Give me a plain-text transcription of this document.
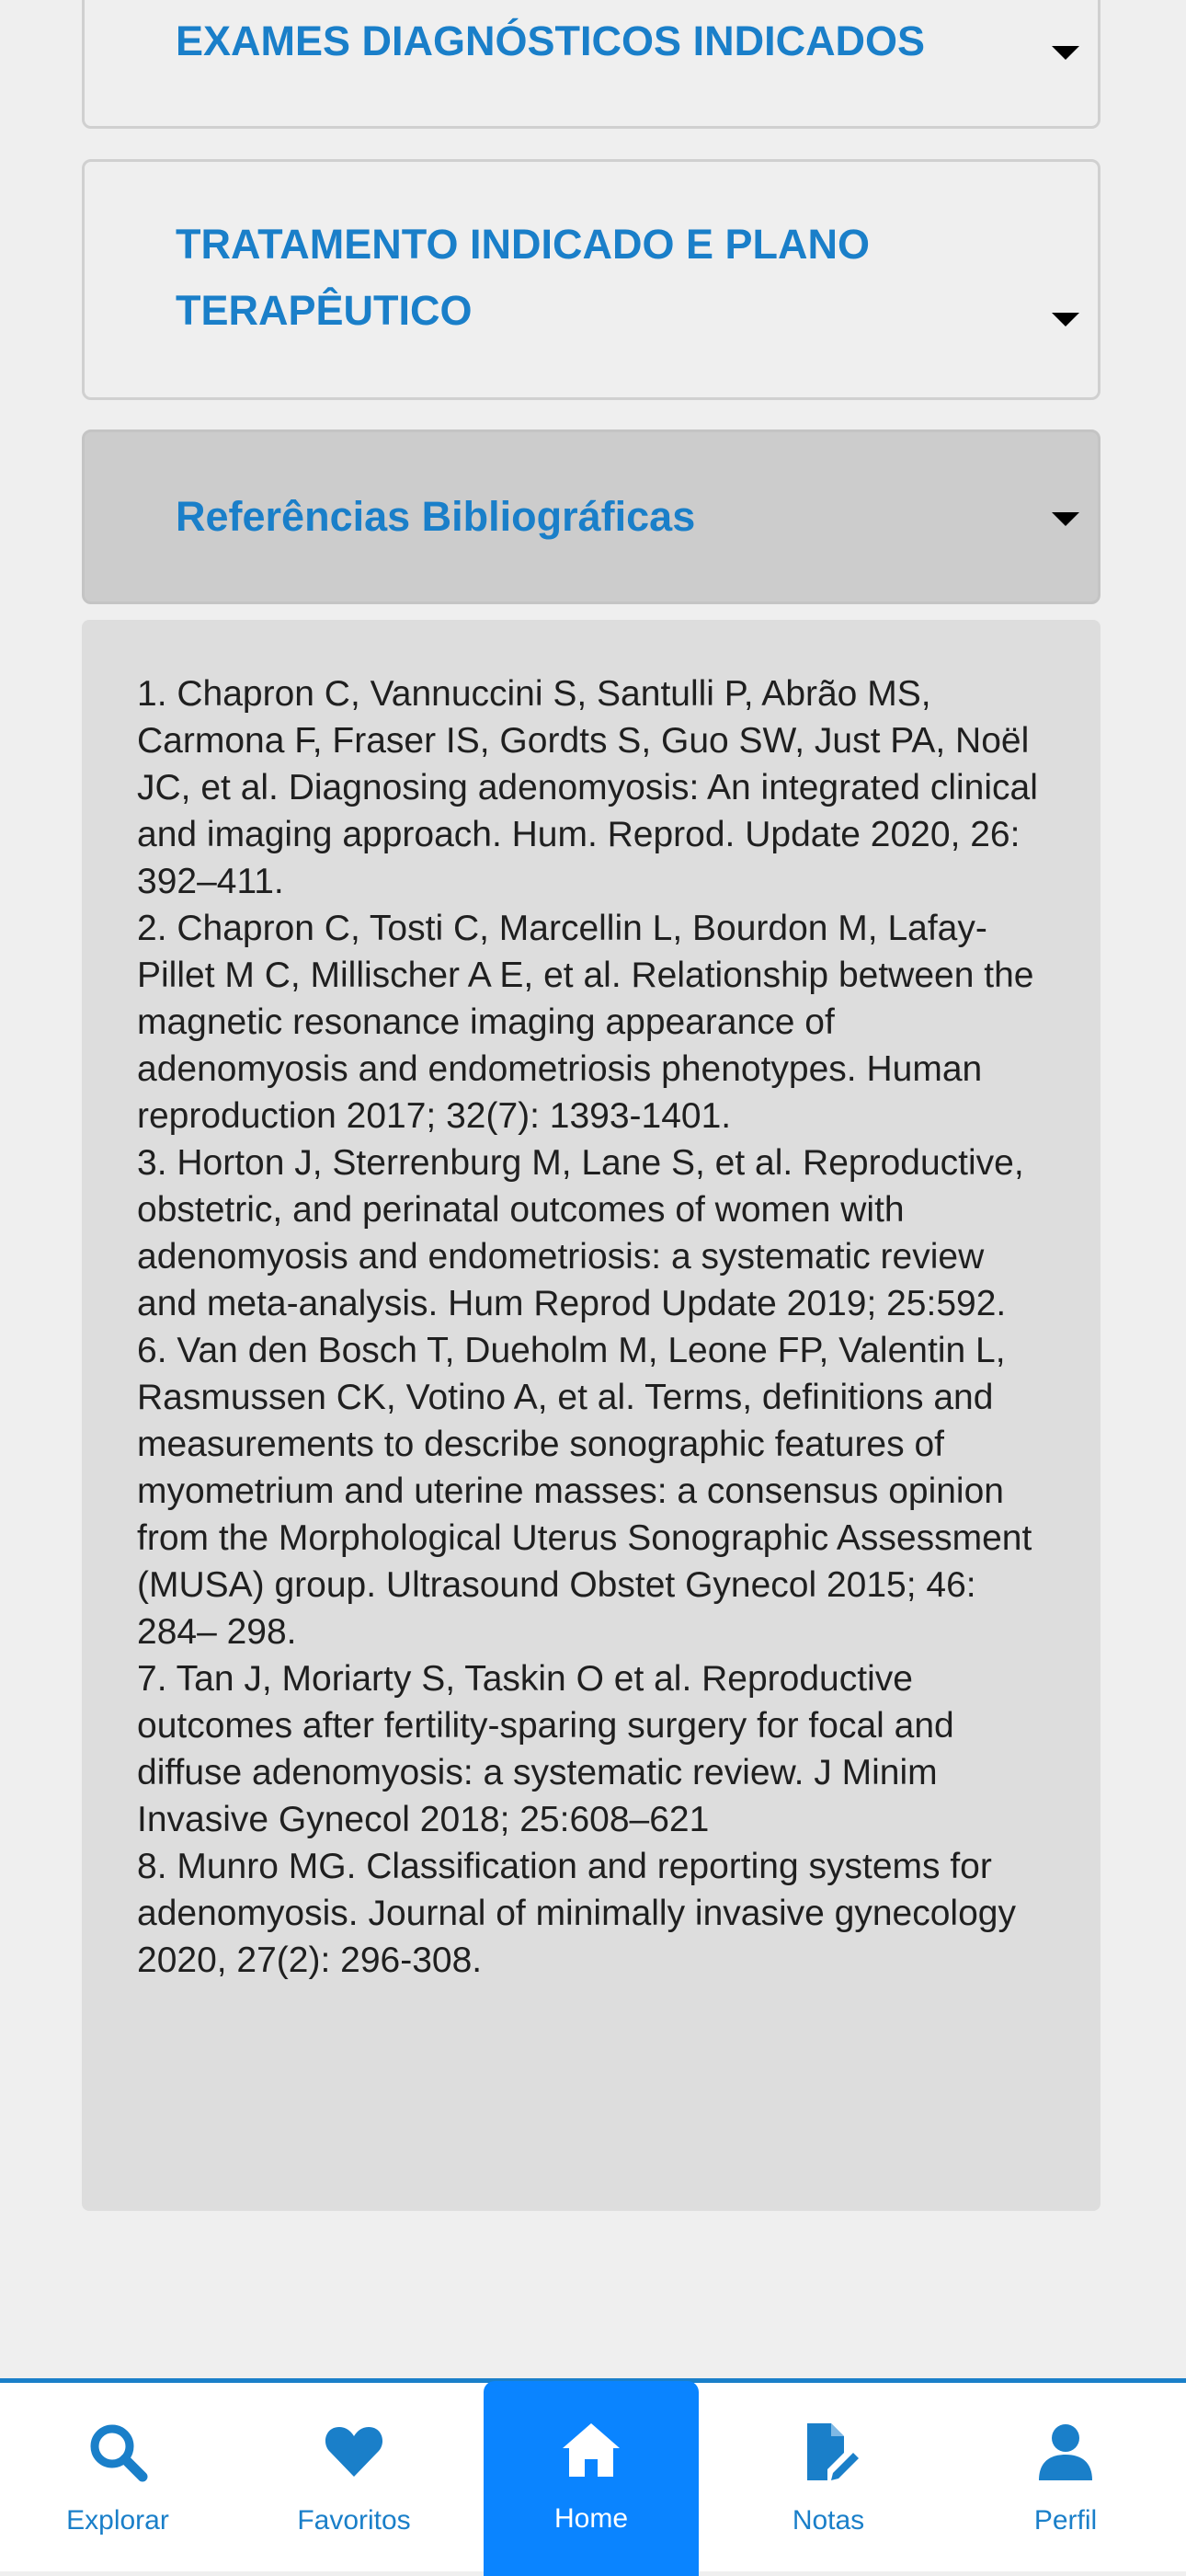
EXAMES DIAGNÓSTICOS INDICADOS
TRATAMENTO INDICADO E PLANO
TERAPÊUTICO
Referências Bibliográficas

1. Chapron C, Vannuccini S, Santulli P, Abrão MS, Carmona F, Fraser IS, Gordts S, Guo SW, Just PA, Noël JC, et al. Diagnosing adenomyosis: An integrated clinical and imaging approach. Hum. Reprod. Update 2020, 26: 392–411.

2. Chapron C, Tosti C, Marcellin L, Bourdon M, Lafay-Pillet M C, Millischer A E, et al. Relationship between the magnetic resonance imaging appearance of adenomyosis and endometriosis phenotypes. Human reproduction 2017; 32(7): 1393-1401.

3. Horton J, Sterrenburg M, Lane S, et al. Reproductive, obstetric, and perinatal outcomes of women with adenomyosis and endometriosis: a systematic review and meta-analysis. Hum Reprod Update 2019; 25:592.

6. Van den Bosch T, Dueholm M, Leone FP, Valentin L, Rasmussen CK, Votino A, et al. Terms, definitions and measurements to describe sonographic features of myometrium and uterine masses: a consensus opinion from the Morphological Uterus Sonographic Assessment (MUSA) group. Ultrasound Obstet Gynecol 2015; 46: 284– 298.

7. Tan J, Moriarty S, Taskin O et al. Reproductive outcomes after fertility-sparing surgery for focal and diffuse adenomyosis: a systematic review. J Minim Invasive Gynecol 2018; 25:608–621

8. Munro MG. Classification and reporting systems for adenomyosis. Journal of minimally invasive gynecology 2020, 27(2): 296-308.

Explorar	Favoritos	Home	Notas	Perfil
